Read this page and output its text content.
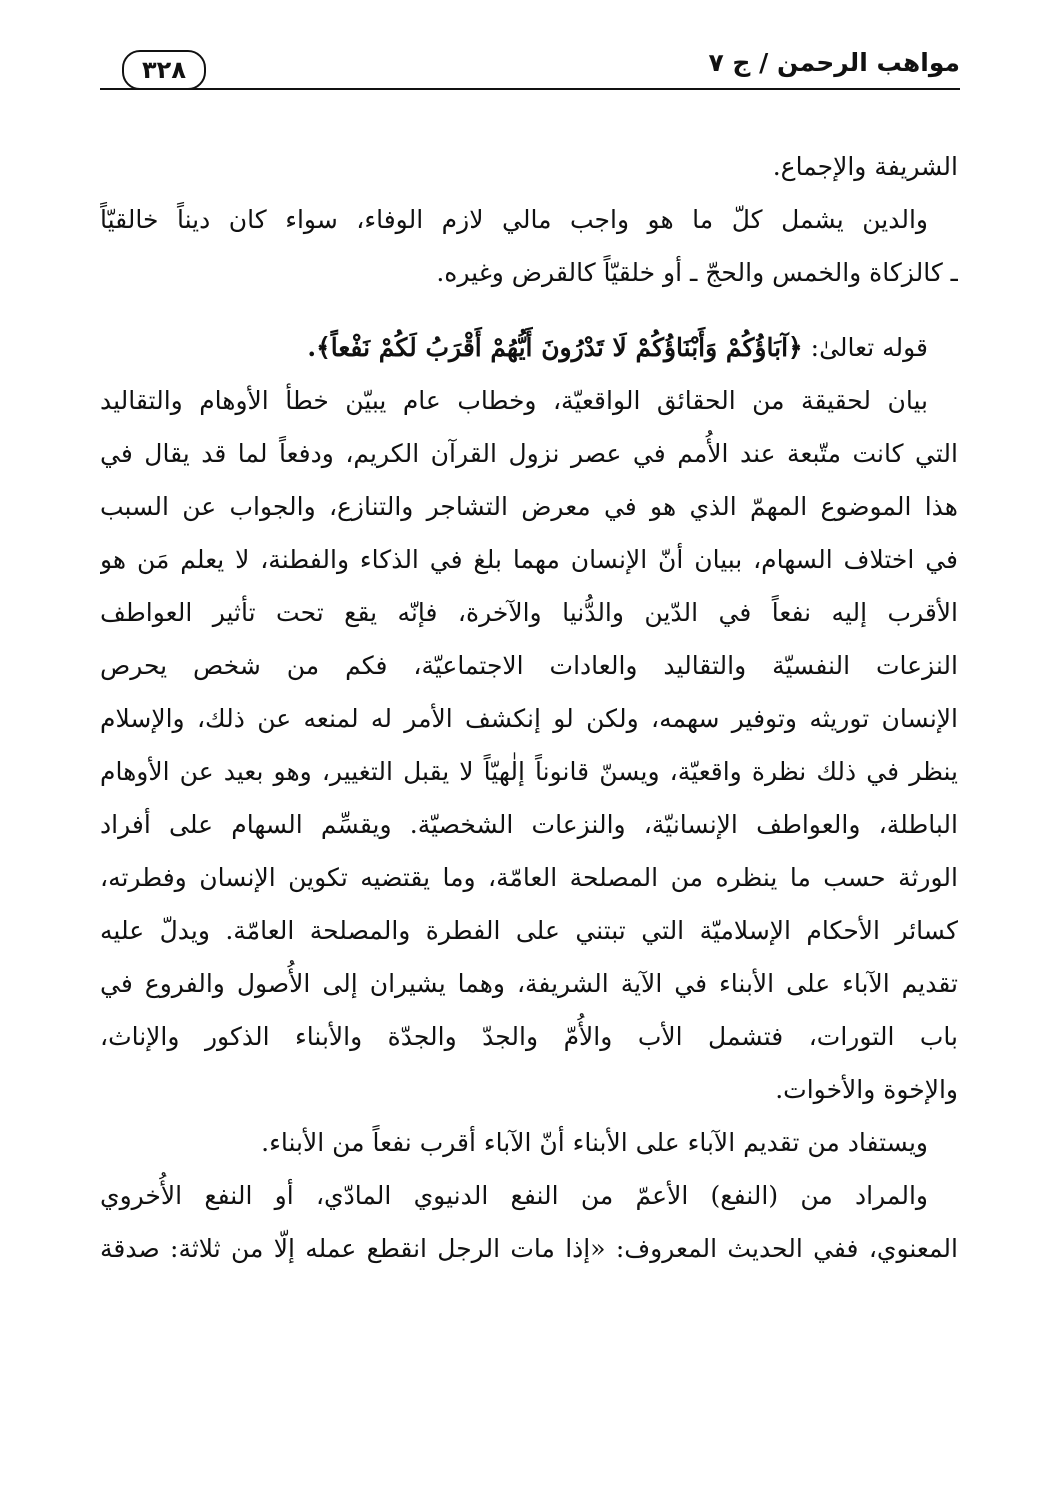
مواهب الرحمن / ج ٧
٣٢٨
الشريفة والإجماع.
والدين يشمل كلّ ما هو واجب مالي لازم الوفاء، سواء كان ديناً خالقيّاً
ـ كالزكاة والخمس والحجّ ـ أو خلقيّاً كالقرض وغيره.
قوله تعالىٰ: ﴿آبَاؤُكُمْ وَأَبْنَاؤُكُمْ لَا تَدْرُونَ أَيُّهُمْ أَقْرَبُ لَكُمْ نَفْعاً﴾.
بيان لحقيقة من الحقائق الواقعيّة، وخطاب عام يبيّن خطأ الأوهام والتقاليد
التي كانت متّبعة عند الأُمم في عصر نزول القرآن الكريم، ودفعاً لما قد يقال في
هذا الموضوع المهمّ الذي هو في معرض التشاجر والتنازع، والجواب عن السبب
في اختلاف السهام، ببيان أنّ الإنسان مهما بلغ في الذكاء والفطنة، لا يعلم مَن هو
الأقرب إليه نفعاً في الدّين والدُّنيا والآخرة، فإنّه يقع تحت تأثير العواطف
النزعات النفسيّة والتقاليد والعادات الاجتماعيّة، فكم من شخص يحرص
الإنسان توريثه وتوفير سهمه، ولكن لو إنكشف الأمر له لمنعه عن ذلك، والإسلام
ينظر في ذلك نظرة واقعيّة، ويسنّ قانوناً إلٰهيّاً لا يقبل التغيير، وهو بعيد عن الأوهام
الباطلة، والعواطف الإنسانيّة، والنزعات الشخصيّة. ويقسِّم السهام على أفراد
الورثة حسب ما ينظره من المصلحة العامّة، وما يقتضيه تكوين الإنسان وفطرته،
كسائر الأحكام الإسلاميّة التي تبتني على الفطرة والمصلحة العامّة. ويدلّ عليه
تقديم الآباء على الأبناء في الآية الشريفة، وهما يشيران إلى الأُصول والفروع في
باب التورات، فتشمل الأب والأُمّ والجدّ والجدّة والأبناء الذكور والإناث،
والإخوة والأخوات.
ويستفاد من تقديم الآباء على الأبناء أنّ الآباء أقرب نفعاً من الأبناء.
والمراد من (النفع) الأعمّ من النفع الدنيوي المادّي، أو النفع الأُخروي
المعنوي، ففي الحديث المعروف: «إذا مات الرجل انقطع عمله إلّا من ثلاثة: صدقة
